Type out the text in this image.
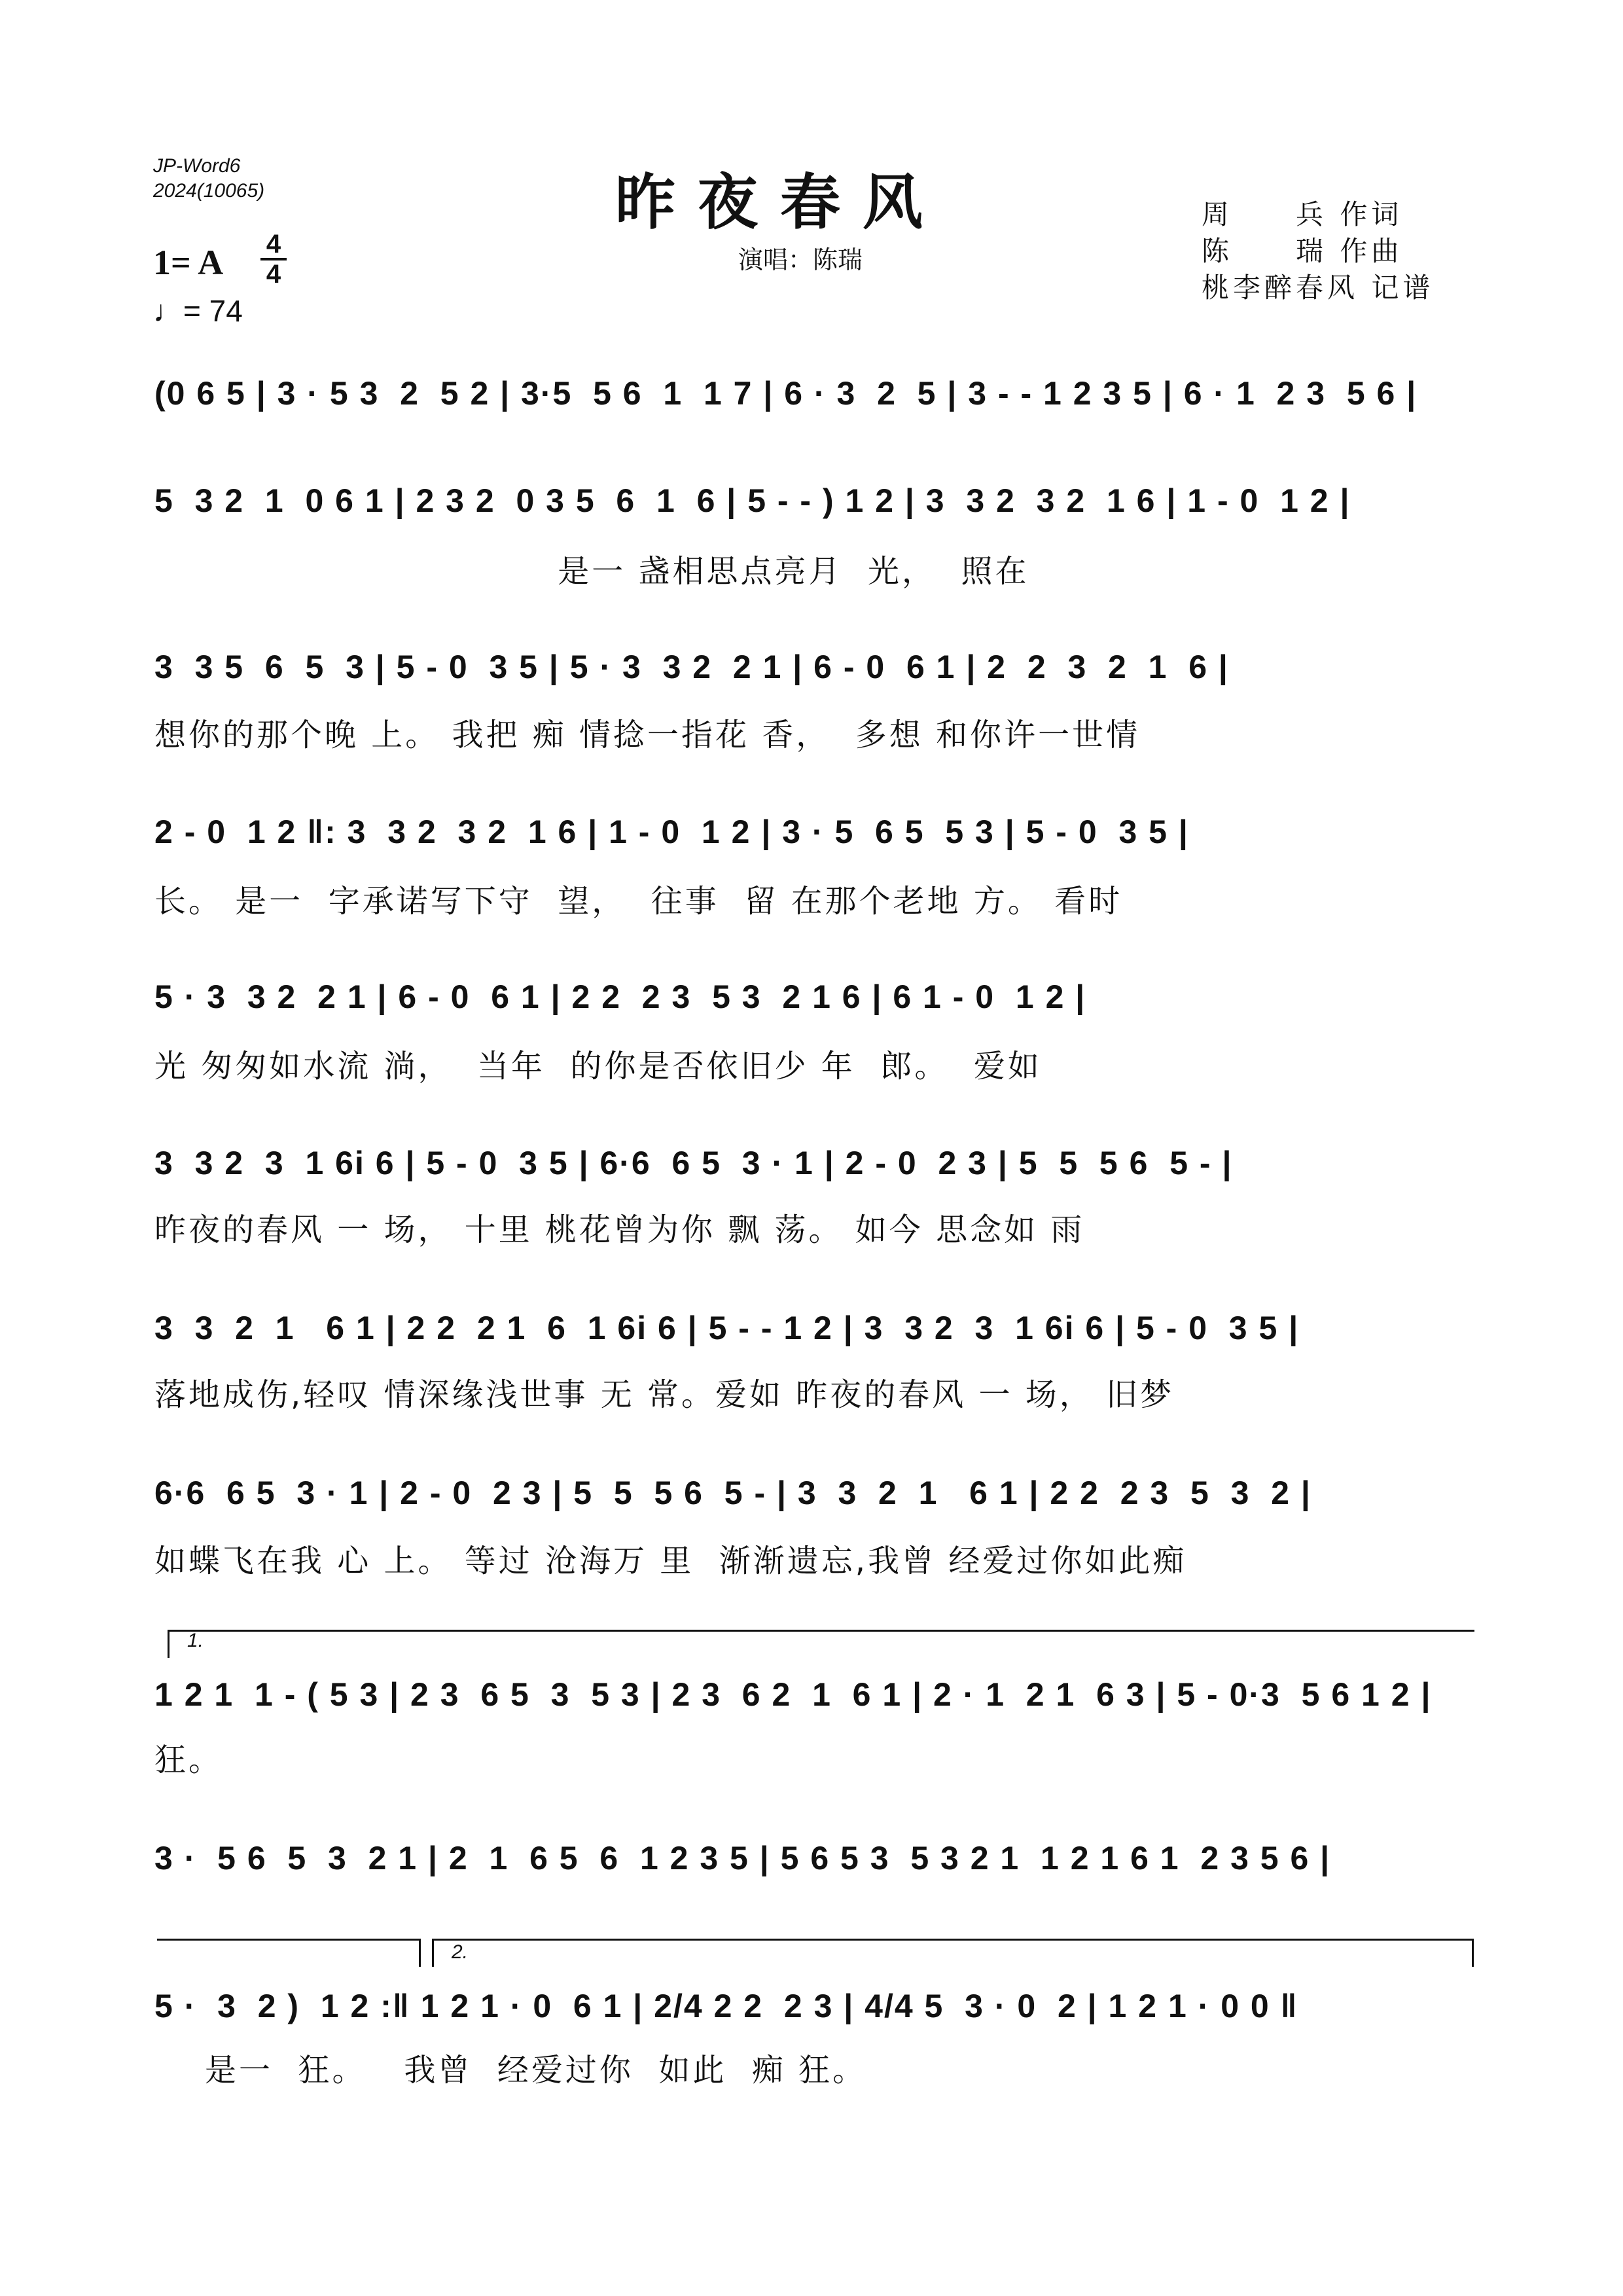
JP-Word6
2024(10065)	昨夜春风
演唱：陈瑞
周　　兵 作词
陈　　瑞 作曲
桃李醉春风 记谱
1= A 4
4
♩= 74
(0 6 5 | 3 · 5 3  2  5 2 | 3·5  5 6  1  1 7 | 6 · 3  2  5 | 3 - - 1 2 3 5 | 6 · 1  2 3  5 6 |
5  3 2  1  0 6 1 | 2 3 2  0 3 5  6  1  6 | 5 - - ) 1 2 | 3  3 2  3 2  1 6 | 1 - 0  1 2 |
是一 盏相思点亮月  光，  照在
3  3 5  6  5  3 | 5 - 0  3 5 | 5 · 3  3 2  2 1 | 6 - 0  6 1 | 2  2  3  2  1  6 |
想你的那个晚 上。 我把 痴 情捻一指花 香，  多想 和你许一世情
2 - 0  1 2 ‖: 3  3 2  3 2  1 6 | 1 - 0  1 2 | 3 · 5  6 5  5 3 | 5 - 0  3 5 |
长。 是一  字承诺写下守  望，  往事  留 在那个老地 方。 看时
5 · 3  3 2  2 1 | 6 - 0  6 1 | 2 2  2 3  5 3  2 1 6 | 6 1 - 0  1 2 |
光 匆匆如水流 淌，  当年  的你是否依旧少 年  郎。  爱如
3  3 2  3  1 6i 6 | 5 - 0  3 5 | 6·6  6 5  3 · 1 | 2 - 0  2 3 | 5  5  5 6  5 - |
昨夜的春风 一 场， 十里 桃花曾为你 飘 荡。 如今 思念如 雨
3  3  2  1   6 1 | 2 2  2 1  6  1 6i 6 | 5 - - 1 2 | 3  3 2  3  1 6i 6 | 5 - 0  3 5 |
落地成伤,轻叹 情深缘浅世事 无 常。爱如 昨夜的春风 一 场， 旧梦
6·6  6 5  3 · 1 | 2 - 0  2 3 | 5  5  5 6  5 - | 3  3  2  1   6 1 | 2 2  2 3  5  3  2 |
如蝶飞在我 心 上。 等过 沧海万 里  渐渐遗忘,我曾 经爱过你如此痴
1.
1 2 1  1 - ( 5 3 | 2 3  6 5  3  5 3 | 2 3  6 2  1  6 1 | 2 · 1  2 1  6 3 | 5 - 0·3  5 6 1 2 |
狂。
3 ·  5 6  5  3  2 1 | 2  1  6 5  6  1 2 3 5 | 5 6 5 3  5 3 2 1  1 2 1 6 1  2 3 5 6 |
2.
5 ·  3  2 )  1 2 :‖ 1 2 1 · 0  6 1 | 2/4 2 2  2 3 | 4/4 5  3 · 0  2 | 1 2 1 · 0 0 ‖
是一  狂。   我曾  经爱过你  如此  痴 狂。
